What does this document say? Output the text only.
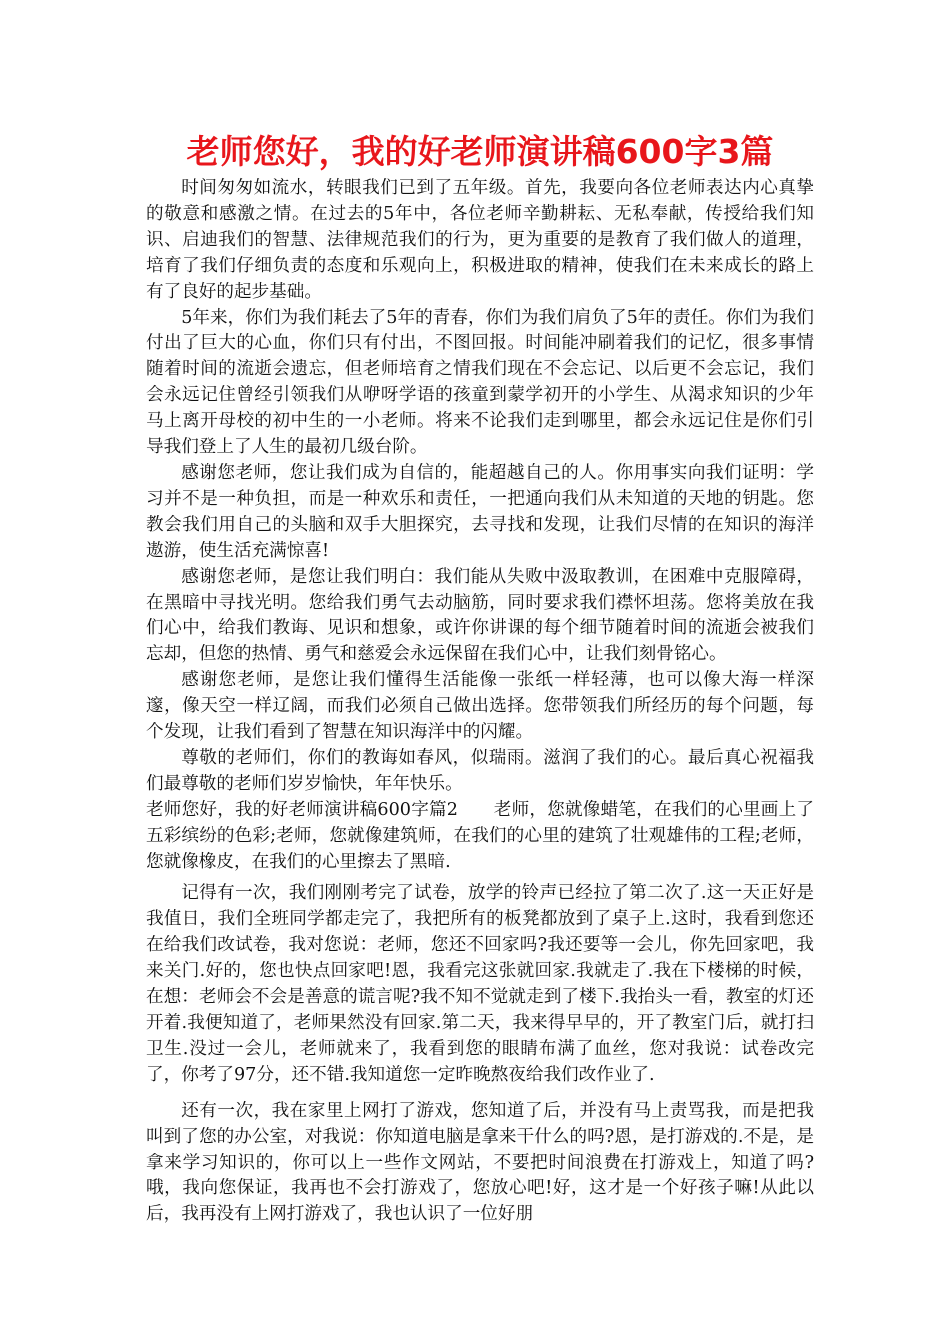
老师您好，我的好老师演讲稿600字3篇

时间匆匆如流水，转眼我们已到了五年级。首先，我要向各位老师表达内心真挚的敬意和感激之情。在过去的5年中，各位老师辛勤耕耘、无私奉献，传授给我们知识、启迪我们的智慧、法律规范我们的行为，更为重要的是教育了我们做人的道理，培育了我们仔细负责的态度和乐观向上，积极进取的精神，使我们在未来成长的路上有了良好的起步基础。

5年来，你们为我们耗去了5年的青春，你们为我们肩负了5年的责任。你们为我们付出了巨大的心血，你们只有付出，不图回报。时间能冲刷着我们的记忆，很多事情随着时间的流逝会遗忘，但老师培育之情我们现在不会忘记、以后更不会忘记，我们会永远记住曾经引领我们从咿呀学语的孩童到蒙学初开的小学生、从渴求知识的少年马上离开母校的初中生的一小老师。将来不论我们走到哪里，都会永远记住是你们引导我们登上了人生的最初几级台阶。

感谢您老师，您让我们成为自信的，能超越自己的人。你用事实向我们证明：学习并不是一种负担，而是一种欢乐和责任，一把通向我们从未知道的天地的钥匙。您教会我们用自己的头脑和双手大胆探究，去寻找和发现，让我们尽情的在知识的海洋遨游，使生活充满惊喜!

感谢您老师，是您让我们明白：我们能从失败中汲取教训，在困难中克服障碍，在黑暗中寻找光明。您给我们勇气去动脑筋，同时要求我们襟怀坦荡。您将美放在我们心中，给我们教诲、见识和想象，或许你讲课的每个细节随着时间的流逝会被我们忘却，但您的热情、勇气和慈爱会永远保留在我们心中，让我们刻骨铭心。

感谢您老师，是您让我们懂得生活能像一张纸一样轻薄，也可以像大海一样深邃，像天空一样辽阔，而我们必须自己做出选择。您带领我们所经历的每个问题，每个发现，让我们看到了智慧在知识海洋中的闪耀。

尊敬的老师们，你们的教诲如春风，似瑞雨。滋润了我们的心。最后真心祝福我们最尊敬的老师们岁岁愉快，年年快乐。

老师您好，我的好老师演讲稿600字篇2　　老师，您就像蜡笔，在我们的心里画上了五彩缤纷的色彩;老师，您就像建筑师，在我们的心里的建筑了壮观雄伟的工程;老师，您就像橡皮，在我们的心里擦去了黑暗.

记得有一次，我们刚刚考完了试卷，放学的铃声已经拉了第二次了.这一天正好是我值日，我们全班同学都走完了，我把所有的板凳都放到了桌子上.这时，我看到您还在给我们改试卷，我对您说：老师，您还不回家吗?我还要等一会儿，你先回家吧，我来关门.好的，您也快点回家吧!恩，我看完这张就回家.我就走了.我在下楼梯的时候，在想：老师会不会是善意的谎言呢?我不知不觉就走到了楼下.我抬头一看，教室的灯还开着.我便知道了，老师果然没有回家.第二天，我来得早早的，开了教室门后，就打扫卫生.没过一会儿，老师就来了，我看到您的眼睛布满了血丝，您对我说：试卷改完了，你考了97分，还不错.我知道您一定昨晚熬夜给我们改作业了.

还有一次，我在家里上网打了游戏，您知道了后，并没有马上责骂我，而是把我叫到了您的办公室，对我说：你知道电脑是拿来干什么的吗?恩，是打游戏的.不是，是拿来学习知识的，你可以上一些作文网站，不要把时间浪费在打游戏上，知道了吗?哦，我向您保证，我再也不会打游戏了，您放心吧!好，这才是一个好孩子嘛!从此以后，我再没有上网打游戏了，我也认识了一位好朋
